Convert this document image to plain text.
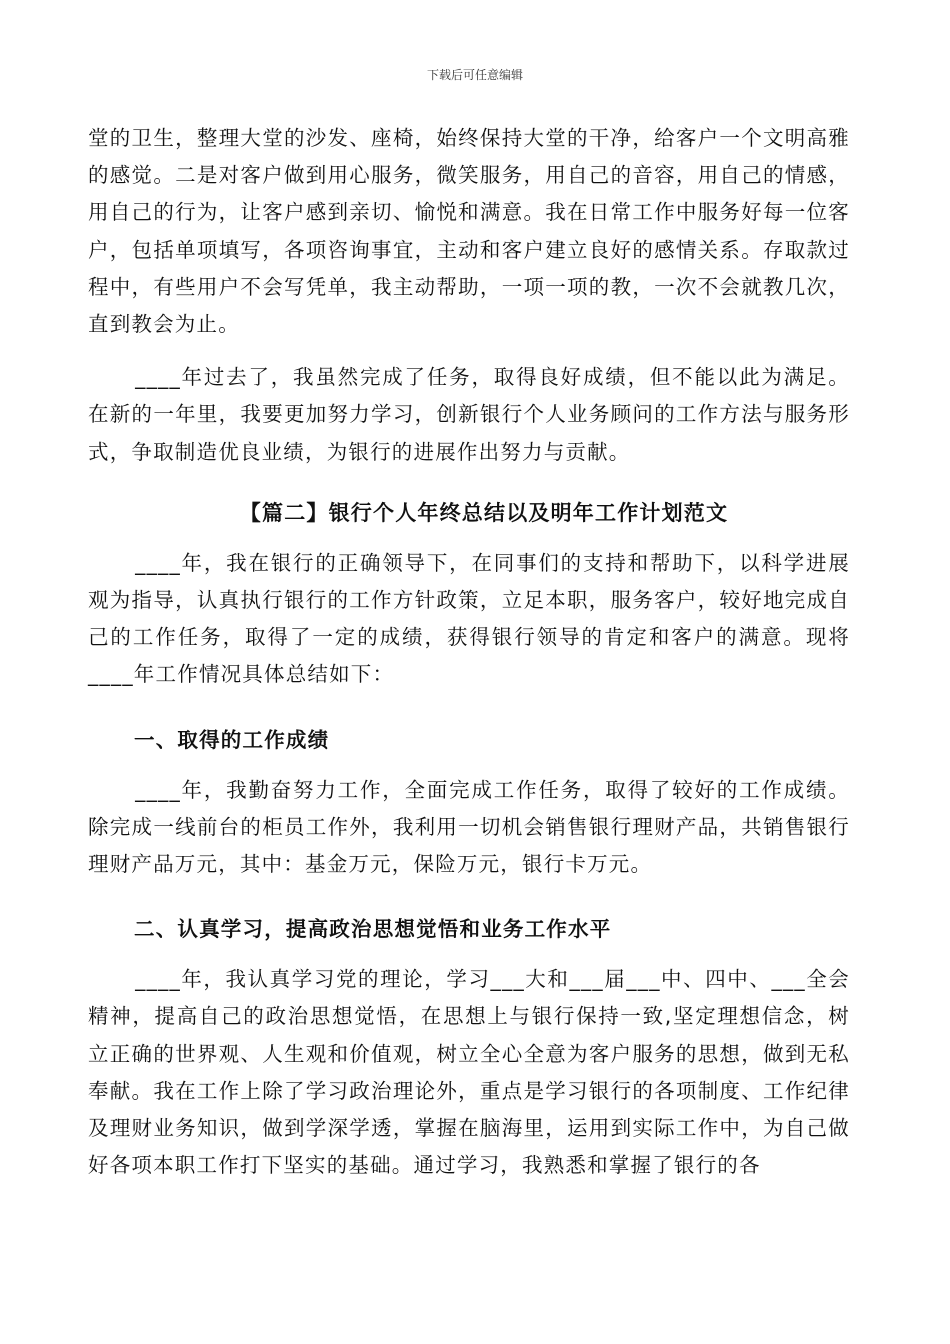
下载后可任意编辑

堂的卫生，整理大堂的沙发、座椅，始终保持大堂的干净，给客户一个文明高雅的感觉。二是对客户做到用心服务，微笑服务，用自己的音容，用自己的情感，用自己的行为，让客户感到亲切、愉悦和满意。我在日常工作中服务好每一位客户，包括单项填写，各项咨询事宜，主动和客户建立良好的感情关系。存取款过程中，有些用户不会写凭单，我主动帮助，一项一项的教，一次不会就教几次，直到教会为止。

____年过去了，我虽然完成了任务，取得良好成绩，但不能以此为满足。在新的一年里，我要更加努力学习，创新银行个人业务顾问的工作方法与服务形式，争取制造优良业绩，为银行的进展作出努力与贡献。

【篇二】银行个人年终总结以及明年工作计划范文

____年，我在银行的正确领导下，在同事们的支持和帮助下，以科学进展观为指导，认真执行银行的工作方针政策，立足本职，服务客户，较好地完成自己的工作任务，取得了一定的成绩，获得银行领导的肯定和客户的满意。现将____年工作情况具体总结如下：

一、取得的工作成绩

____年，我勤奋努力工作，全面完成工作任务，取得了较好的工作成绩。除完成一线前台的柜员工作外，我利用一切机会销售银行理财产品，共销售银行理财产品万元，其中：基金万元，保险万元，银行卡万元。

二、认真学习，提高政治思想觉悟和业务工作水平

____年，我认真学习党的理论，学习___大和___届___中、四中、___全会精神，提高自己的政治思想觉悟，在思想上与银行保持一致,坚定理想信念，树立正确的世界观、人生观和价值观，树立全心全意为客户服务的思想，做到无私奉献。我在工作上除了学习政治理论外，重点是学习银行的各项制度、工作纪律及理财业务知识，做到学深学透，掌握在脑海里，运用到实际工作中，为自己做好各项本职工作打下坚实的基础。通过学习，我熟悉和掌握了银行的各
